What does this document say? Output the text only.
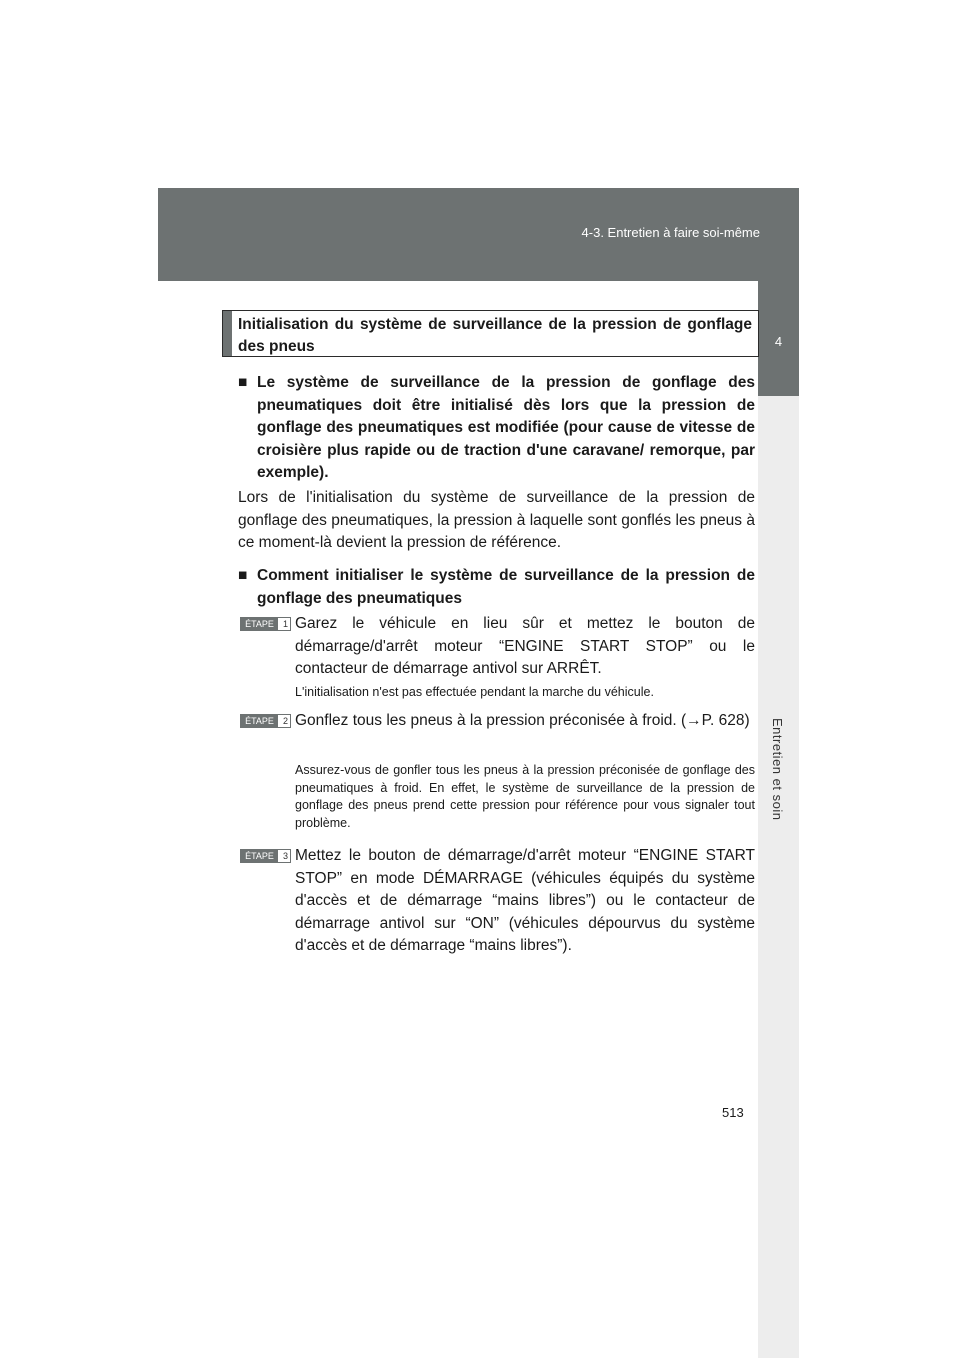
4-3. Entretien à faire soi-même
4
Entretien et soin
Initialisation du système de surveillance de la pression de gonflage des pneus
■ Le système de surveillance de la pression de gonflage des pneumatiques doit être initialisé dès lors que la pression de gonflage des pneumatiques est modifiée (pour cause de vitesse de croisière plus rapide ou de traction d'une caravane/ remorque, par exemple).
Lors de l'initialisation du système de surveillance de la pression de gonflage des pneumatiques, la pression à laquelle sont gonflés les pneus à ce moment-là devient la pression de référence.
■ Comment initialiser le système de surveillance de la pression de gonflage des pneumatiques
ÉTAPE	1 Garez le véhicule en lieu sûr et mettez le bouton de démarrage/d'arrêt moteur “ENGINE START STOP” ou le contacteur de démarrage antivol sur ARRÊT.
L'initialisation n'est pas effectuée pendant la marche du véhicule.
ÉTAPE	2 Gonflez tous les pneus à la pression préconisée à froid. (→P. 628)
Assurez-vous de gonfler tous les pneus à la pression préconisée de gonflage des pneumatiques à froid. En effet, le système de surveillance de la pression de gonflage des pneus prend cette pression pour référence pour vous signaler tout problème.
ÉTAPE	3 Mettez le bouton de démarrage/d'arrêt moteur “ENGINE START STOP” en mode DÉMARRAGE (véhicules équipés du système d'accès et de démarrage “mains libres”) ou le contacteur de démarrage antivol sur “ON” (véhicules dépourvus du système d'accès et de démarrage “mains libres”).
513
